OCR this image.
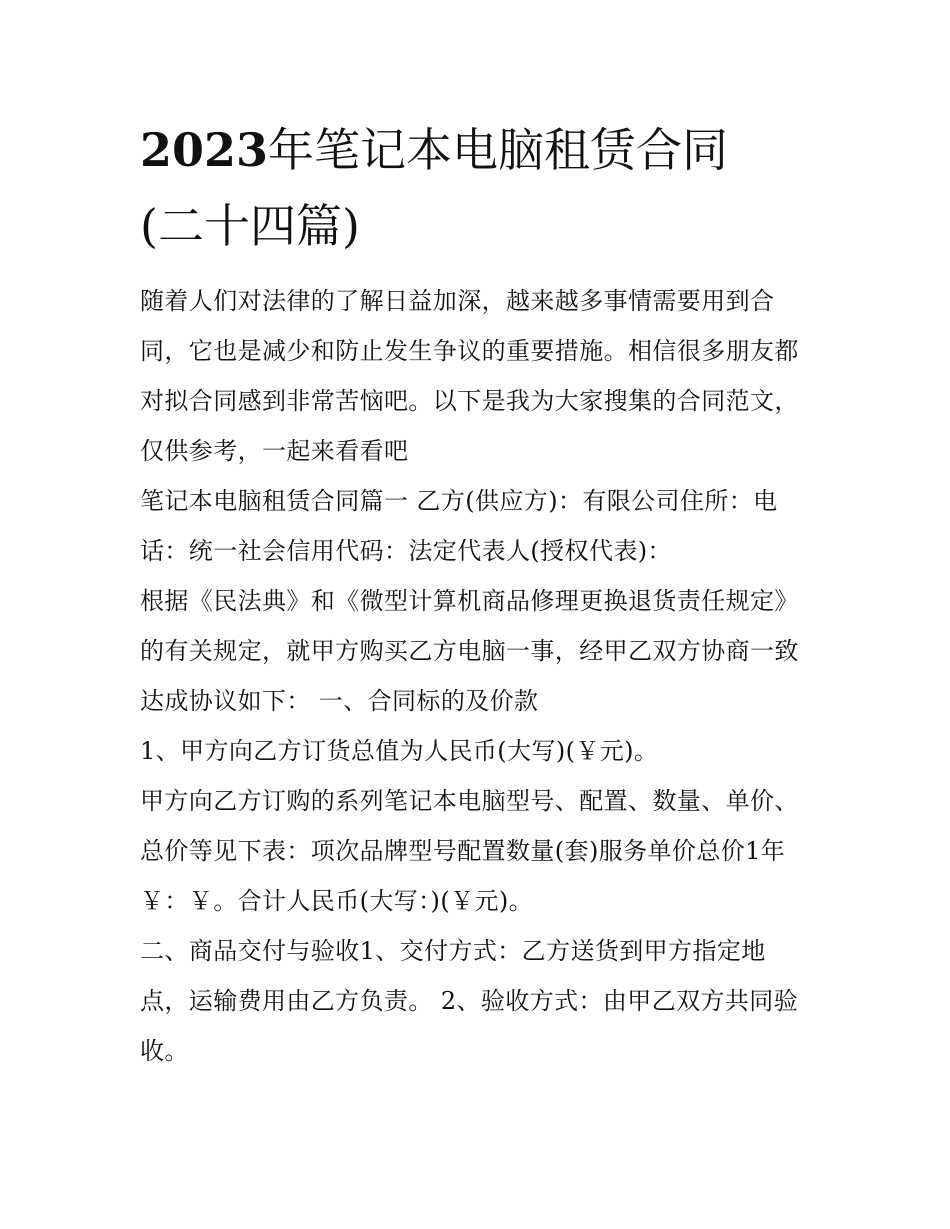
2023年笔记本电脑租赁合同
(二十四篇)

随着人们对法律的了解日益加深，越来越多事情需要用到合
同，它也是减少和防止发生争议的重要措施。相信很多朋友都
对拟合同感到非常苦恼吧。以下是我为大家搜集的合同范文，
仅供参考，一起来看看吧

笔记本电脑租赁合同篇一 乙方(供应方)：有限公司住所：电
话：统一社会信用代码：法定代表人(授权代表)：

根据《民法典》和《微型计算机商品修理更换退货责任规定》
的有关规定，就甲方购买乙方电脑一事，经甲乙双方协商一致
达成协议如下： 一、合同标的及价款

1、甲方向乙方订货总值为人民币(大写)(￥元)。

甲方向乙方订购的系列笔记本电脑型号、配置、数量、单价、
总价等见下表：项次品牌型号配置数量(套)服务单价总价1年
￥：￥。合计人民币(大写：)(￥元)。

二、商品交付与验收1、交付方式：乙方送货到甲方指定地
点，运输费用由乙方负责。 2、验收方式：由甲乙双方共同验
收。
